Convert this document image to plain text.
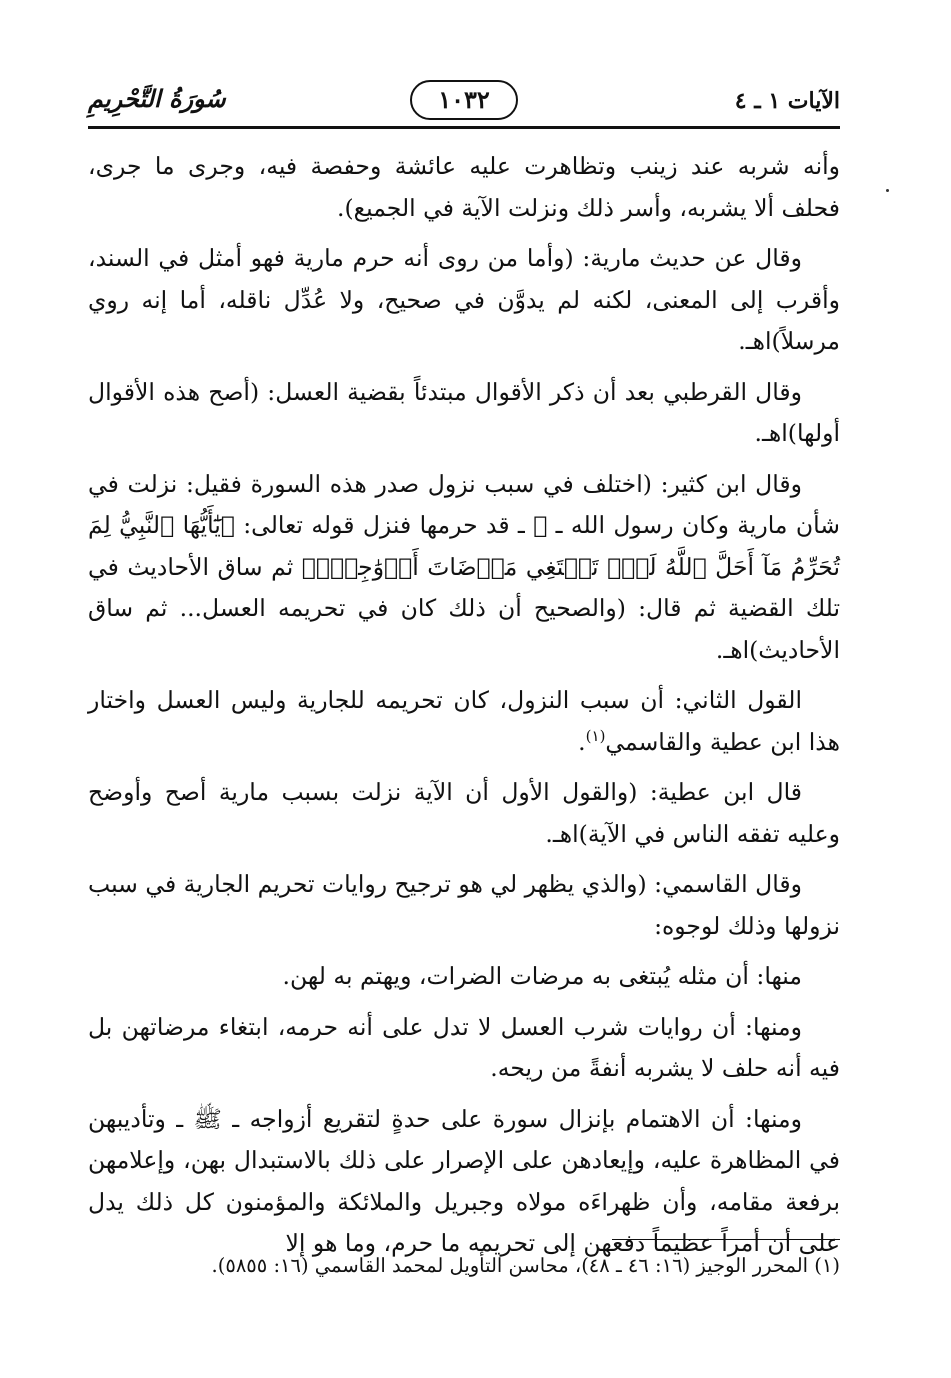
الآيات ١ ـ ٤
١٠٣٢
سُورَةُ التَّحْرِيمِ

وأنه شربه عند زينب وتظاهرت عليه عائشة وحفصة فيه، وجرى ما جرى، فحلف ألا يشربه، وأسر ذلك ونزلت الآية في الجميع).

وقال عن حديث مارية: (وأما من روى أنه حرم مارية فهو أمثل في السند، وأقرب إلى المعنى، لكنه لم يدوَّن في صحيح، ولا عُدِّل ناقله، أما إنه روي مرسلاً)اهـ.

وقال القرطبي بعد أن ذكر الأقوال مبتدئاً بقضية العسل: (أصح هذه الأقوال أولها)اهـ.

وقال ابن كثير: (اختلف في سبب نزول صدر هذه السورة فقيل: نزلت في شأن مارية وكان رسول الله ـ ﷺ ـ قد حرمها فنزل قوله تعالى: ﴿يَٰٓأَيُّهَا ٱلنَّبِيُّ لِمَ تُحَرِّمُ مَآ أَحَلَّ ٱللَّهُ لَكَۖ تَبۡتَغِي مَرۡضَاتَ أَزۡوَٰجِكَۚ﴾ ثم ساق الأحاديث في تلك القضية ثم قال: (والصحيح أن ذلك كان في تحريمه العسل... ثم ساق الأحاديث)اهـ.

القول الثاني: أن سبب النزول، كان تحريمه للجارية وليس العسل واختار هذا ابن عطية والقاسمي$^{(١)}$.

قال ابن عطية: (والقول الأول أن الآية نزلت بسبب مارية أصح وأوضح وعليه تفقه الناس في الآية)اهـ.

وقال القاسمي: (والذي يظهر لي هو ترجيح روايات تحريم الجارية في سبب نزولها وذلك لوجوه:

منها: أن مثله يُبتغى به مرضات الضرات، ويهتم به لهن.

ومنها: أن روايات شرب العسل لا تدل على أنه حرمه، ابتغاء مرضاتهن بل فيه أنه حلف لا يشربه أنفةً من ريحه.

ومنها: أن الاهتمام بإنزال سورة على حدةٍ لتقريع أزواجه ـ ﷺ ـ وتأديبهن في المظاهرة عليه، وإيعادهن على الإصرار على ذلك بالاستبدال بهن، وإعلامهن برفعة مقامه، وأن ظهراءَه مولاه وجبريل والملائكة والمؤمنون كل ذلك يدل على أن أمراً عظيماً دفعهن إلى تحريمه ما حرم، وما هو إلا

(١) المحرر الوجيز (١٦: ٤٦ ـ ٤٨)، محاسن التأويل لمحمد القاسمي (١٦: ٥٨٥٥).
